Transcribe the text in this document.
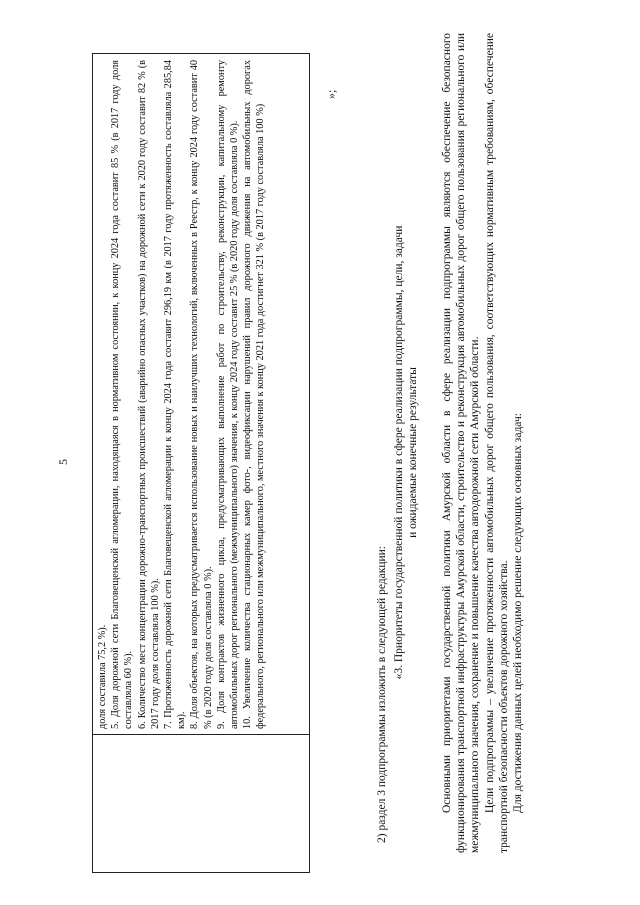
5

доля составила 75,2 %). 5. Доля дорожной сети Благовещенской агломерации, находящаяся в нормативном состоянии, к концу 2024 года составит 85 % (в 2017 году доля составляла 60 %). 6. Количество мест концентрации дорожно-транспортных происшествий (аварийно опасных участков) на дорожной сети к 2020 году составит 82 % (в 2017 году доля составляла 100 %). 7. Протяженность дорожной сети Благовещенской агломерации к концу 2024 года составит 296,19 км (в 2017 году протяженность составляла 285,84 км). 8. Доля объектов, на которых предусматривается использование новых и наилучших технологий, включенных в Реестр, к концу 2024 году составит 40 % (в 2020 году доля составляла 0 %). 9. Доля контрактов жизненного цикла, предусматривающих выполнение работ по строительству, реконструкции, капитальному ремонту автомобильных дорог регионального (межмуниципального) значения, к концу 2024 году составит 25 % (в 2020 году доля составляла 0 %). 10. Увеличение количества стационарных камер фото-, видеофиксации нарушений правил дорожного движения на автомобильных дорогах федерального, регионального или межмуниципального, местного значения к концу 2021 года достигнет 321 % (в 2017 году составляла 100 %)

»;
2) раздел 3 подпрограммы изложить в следующей редакции:
«3. Приоритеты государственной политики в сфере реализации подпрограммы, цели, задачи и ожидаемые конечные результаты Основными приоритетами государственной политики Амурской области в сфере реализации подпрограммы являются обеспечение безопасного функционирования транспортной инфраструктуры Амурской области, строительство и реконструкция автомобильных дорог общего пользования регионального или межмуниципального значения, сохранение и повышение качества автодорожной сети Амурской области. Цели подпрограммы – увеличение протяженности автомобильных дорог общего пользования, соответствующих нормативным требованиям, обеспечение транспортной безопасности объектов дорожного хозяйства. Для достижения данных целей необходимо решение следующих основных задач:
